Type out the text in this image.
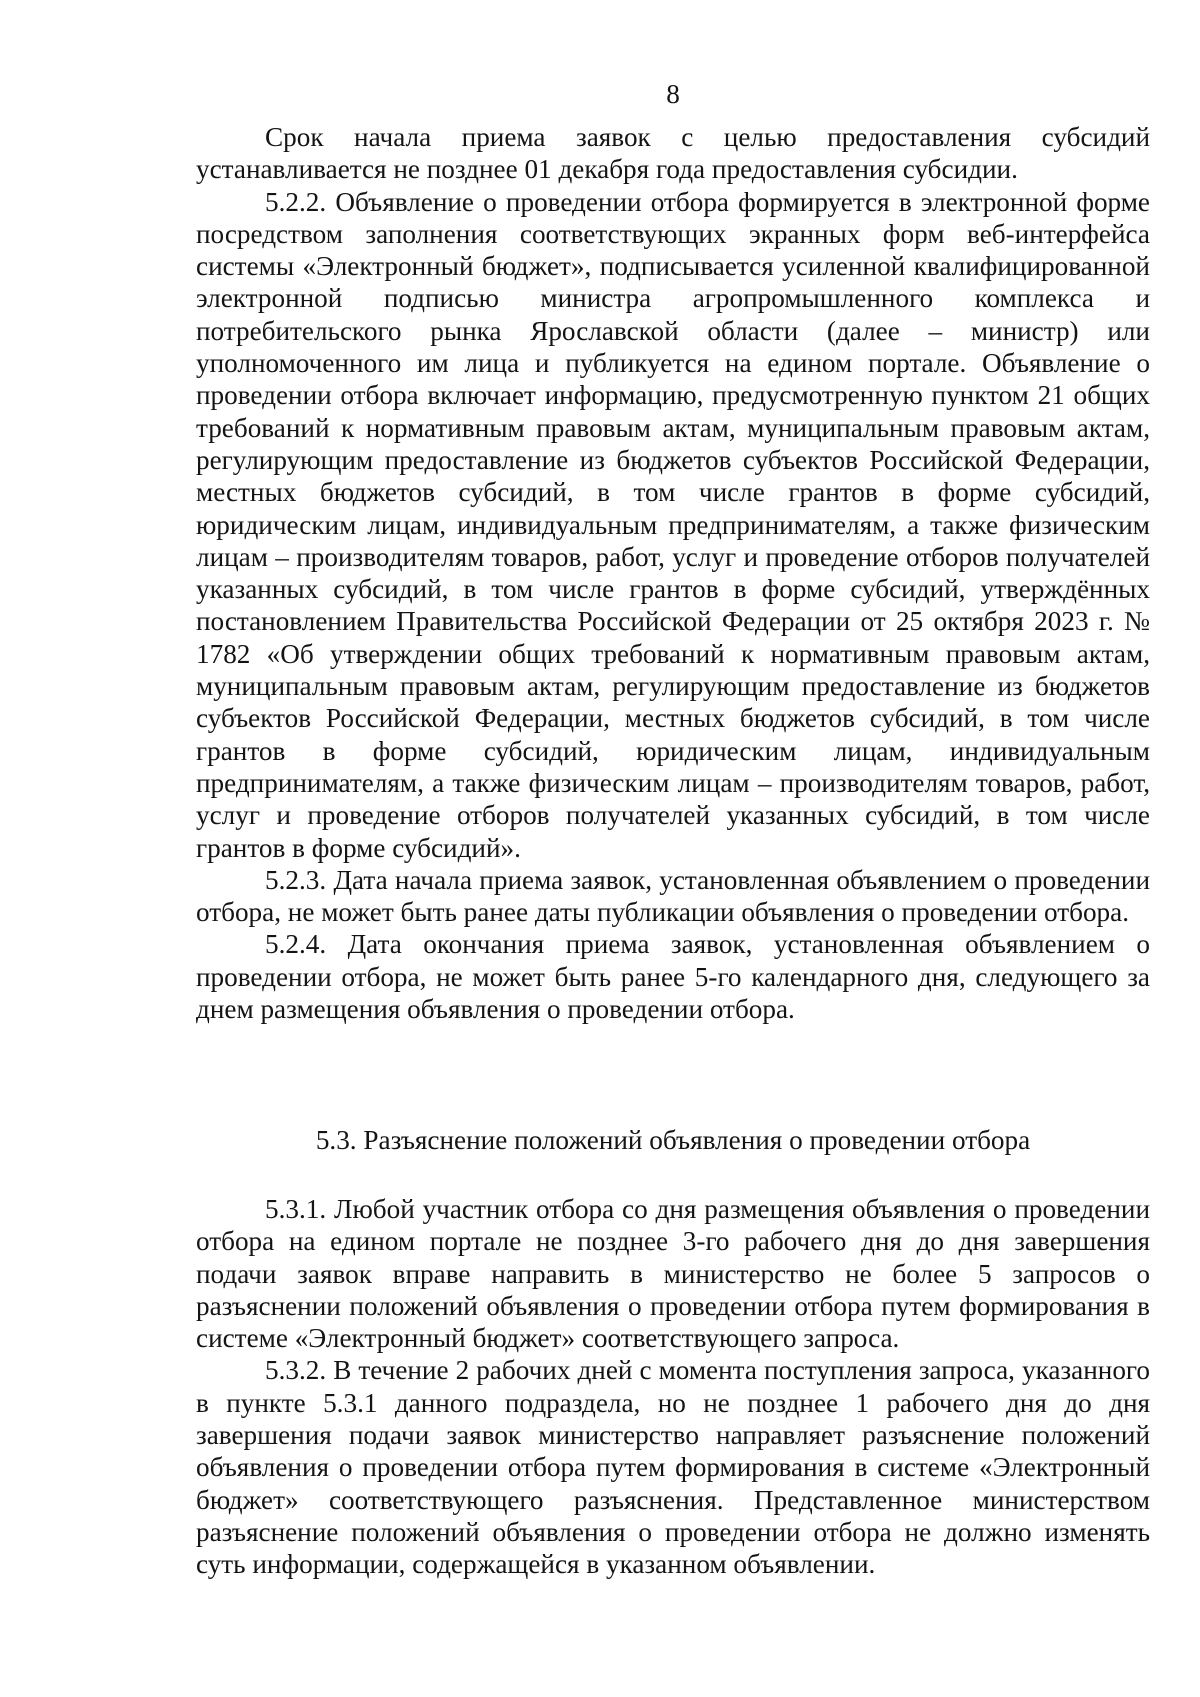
8

Срок начала приема заявок с целью предоставления субсидий устанавливается не позднее 01 декабря года предоставления субсидии.

5.2.2. Объявление о проведении отбора формируется в электронной форме посредством заполнения соответствующих экранных форм веб-интерфейса системы «Электронный бюджет», подписывается усиленной квалифицированной электронной подписью министра агропромышленного комплекса и потребительского рынка Ярославской области (далее – министр) или уполномоченного им лица и публикуется на едином портале. Объявление о проведении отбора включает информацию, предусмотренную пунктом 21 общих требований к нормативным правовым актам, муниципальным правовым актам, регулирующим предоставление из бюджетов субъектов Российской Федерации, местных бюджетов субсидий, в том числе грантов в форме субсидий, юридическим лицам, индивидуальным предпринимателям, а также физическим лицам – производителям товаров, работ, услуг и проведение отборов получателей указанных субсидий, в том числе грантов в форме субсидий, утверждённых постановлением Правительства Российской Федерации от 25 октября 2023 г. № 1782 «Об утверждении общих требований к нормативным правовым актам, муниципальным правовым актам, регулирующим предоставление из бюджетов субъектов Российской Федерации, местных бюджетов субсидий, в том числе грантов в форме субсидий, юридическим лицам, индивидуальным предпринимателям, а также физическим лицам – производителям товаров, работ, услуг и проведение отборов получателей указанных субсидий, в том числе грантов в форме субсидий».

5.2.3. Дата начала приема заявок, установленная объявлением о проведении отбора, не может быть ранее даты публикации объявления о проведении отбора.

5.2.4. Дата окончания приема заявок, установленная объявлением о проведении отбора, не может быть ранее 5-го календарного дня, следующего за днем размещения объявления о проведении отбора.

5.3. Разъяснение положений объявления о проведении отбора

5.3.1. Любой участник отбора со дня размещения объявления о проведении отбора на едином портале не позднее 3-го рабочего дня до дня завершения подачи заявок вправе направить в министерство не более 5 запросов о разъяснении положений объявления о проведении отбора путем формирования в системе «Электронный бюджет» соответствующего запроса.

5.3.2. В течение 2 рабочих дней с момента поступления запроса, указанного в пункте 5.3.1 данного подраздела, но не позднее 1 рабочего дня до дня завершения подачи заявок министерство направляет разъяснение положений объявления о проведении отбора путем формирования в системе «Электронный бюджет» соответствующего разъяснения. Представленное министерством разъяснение положений объявления о проведении отбора не должно изменять суть информации, содержащейся в указанном объявлении.
